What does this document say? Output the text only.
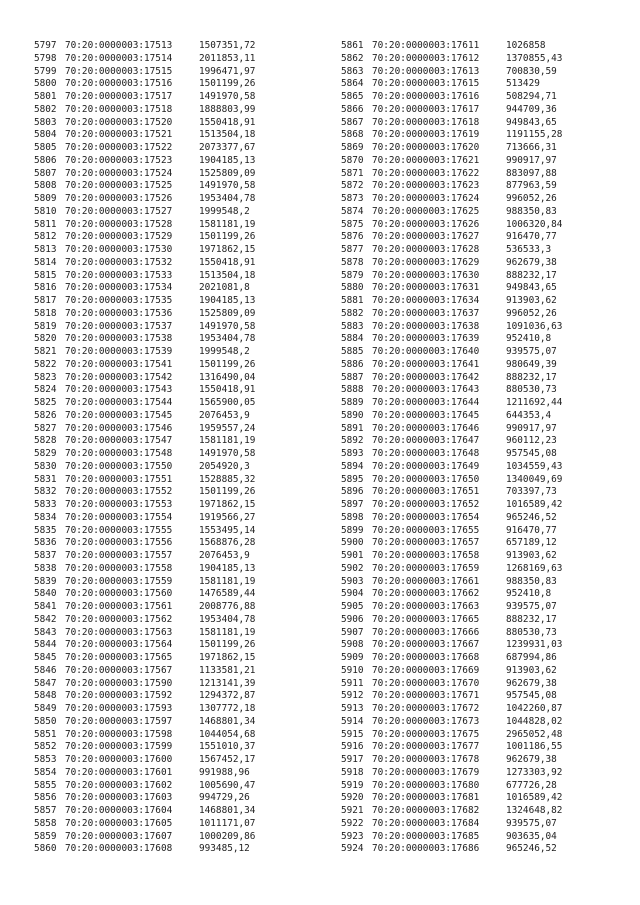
5797 70:20:0000003:17513	1507351,72
5798 70:20:0000003:17514	2011853,11
5799 70:20:0000003:17515	1996471,97
5800 70:20:0000003:17516	1501199,26
5801 70:20:0000003:17517	1491970,58
5802 70:20:0000003:17518	1888803,99
5803 70:20:0000003:17520	1550418,91
5804 70:20:0000003:17521	1513504,18
5805 70:20:0000003:17522	2073377,67
5806 70:20:0000003:17523	1904185,13
5807 70:20:0000003:17524	1525809,09
5808 70:20:0000003:17525	1491970,58
5809 70:20:0000003:17526	1953404,78
5810 70:20:0000003:17527	1999548,2
5811 70:20:0000003:17528	1581181,19
5812 70:20:0000003:17529	1501199,26
5813 70:20:0000003:17530	1971862,15
5814 70:20:0000003:17532	1550418,91
5815 70:20:0000003:17533	1513504,18
5816 70:20:0000003:17534	2021081,8
5817 70:20:0000003:17535	1904185,13
5818 70:20:0000003:17536	1525809,09
5819 70:20:0000003:17537	1491970,58
5820 70:20:0000003:17538	1953404,78
5821 70:20:0000003:17539	1999548,2
5822 70:20:0000003:17541	1501199,26
5823 70:20:0000003:17542	1316490,04
5824 70:20:0000003:17543	1550418,91
5825 70:20:0000003:17544	1565900,05
5826 70:20:0000003:17545	2076453,9
5827 70:20:0000003:17546	1959557,24
5828 70:20:0000003:17547	1581181,19
5829 70:20:0000003:17548	1491970,58
5830 70:20:0000003:17550	2054920,3
5831 70:20:0000003:17551	1528885,32
5832 70:20:0000003:17552	1501199,26
5833 70:20:0000003:17553	1971862,15
5834 70:20:0000003:17554	1919566,27
5835 70:20:0000003:17555	1553495,14
5836 70:20:0000003:17556	1568876,28
5837 70:20:0000003:17557	2076453,9
5838 70:20:0000003:17558	1904185,13
5839 70:20:0000003:17559	1581181,19
5840 70:20:0000003:17560	1476589,44
5841 70:20:0000003:17561	2008776,88
5842 70:20:0000003:17562	1953404,78
5843 70:20:0000003:17563	1581181,19
5844 70:20:0000003:17564	1501199,26
5845 70:20:0000003:17565	1971862,15
5846 70:20:0000003:17567	1133581,21
5847 70:20:0000003:17590	1213141,39
5848 70:20:0000003:17592	1294372,87
5849 70:20:0000003:17593	1307772,18
5850 70:20:0000003:17597	1468801,34
5851 70:20:0000003:17598	1044054,68
5852 70:20:0000003:17599	1551010,37
5853 70:20:0000003:17600	1567452,17
5854 70:20:0000003:17601	991988,96
5855 70:20:0000003:17602	1005690,47
5856 70:20:0000003:17603	994729,26
5857 70:20:0000003:17604	1468801,34
5858 70:20:0000003:17605	1011171,07
5859 70:20:0000003:17607	1000209,86
5860 70:20:0000003:17608	993485,12
5861 70:20:0000003:17611	1026858
5862 70:20:0000003:17612	1370855,43
5863 70:20:0000003:17613	700830,59
5864 70:20:0000003:17615	513429
5865 70:20:0000003:17616	508294,71
5866 70:20:0000003:17617	944709,36
5867 70:20:0000003:17618	949843,65
5868 70:20:0000003:17619	1191155,28
5869 70:20:0000003:17620	713666,31
5870 70:20:0000003:17621	990917,97
5871 70:20:0000003:17622	883097,88
5872 70:20:0000003:17623	877963,59
5873 70:20:0000003:17624	996052,26
5874 70:20:0000003:17625	988350,83
5875 70:20:0000003:17626	1006320,84
5876 70:20:0000003:17627	916470,77
5877 70:20:0000003:17628	536533,3
5878 70:20:0000003:17629	962679,38
5879 70:20:0000003:17630	888232,17
5880 70:20:0000003:17631	949843,65
5881 70:20:0000003:17634	913903,62
5882 70:20:0000003:17637	996052,26
5883 70:20:0000003:17638	1091036,63
5884 70:20:0000003:17639	952410,8
5885 70:20:0000003:17640	939575,07
5886 70:20:0000003:17641	980649,39
5887 70:20:0000003:17642	888232,17
5888 70:20:0000003:17643	880530,73
5889 70:20:0000003:17644	1211692,44
5890 70:20:0000003:17645	644353,4
5891 70:20:0000003:17646	990917,97
5892 70:20:0000003:17647	960112,23
5893 70:20:0000003:17648	957545,08
5894 70:20:0000003:17649	1034559,43
5895 70:20:0000003:17650	1340049,69
5896 70:20:0000003:17651	703397,73
5897 70:20:0000003:17652	1016589,42
5898 70:20:0000003:17654	965246,52
5899 70:20:0000003:17655	916470,77
5900 70:20:0000003:17657	657189,12
5901 70:20:0000003:17658	913903,62
5902 70:20:0000003:17659	1268169,63
5903 70:20:0000003:17661	988350,83
5904 70:20:0000003:17662	952410,8
5905 70:20:0000003:17663	939575,07
5906 70:20:0000003:17665	888232,17
5907 70:20:0000003:17666	880530,73
5908 70:20:0000003:17667	1239931,03
5909 70:20:0000003:17668	687994,86
5910 70:20:0000003:17669	913903,62
5911 70:20:0000003:17670	962679,38
5912 70:20:0000003:17671	957545,08
5913 70:20:0000003:17672	1042260,87
5914 70:20:0000003:17673	1044828,02
5915 70:20:0000003:17675	2965052,48
5916 70:20:0000003:17677	1001186,55
5917 70:20:0000003:17678	962679,38
5918 70:20:0000003:17679	1273303,92
5919 70:20:0000003:17680	677726,28
5920 70:20:0000003:17681	1016589,42
5921 70:20:0000003:17682	1324648,82
5922 70:20:0000003:17684	939575,07
5923 70:20:0000003:17685	903635,04
5924 70:20:0000003:17686	965246,52
